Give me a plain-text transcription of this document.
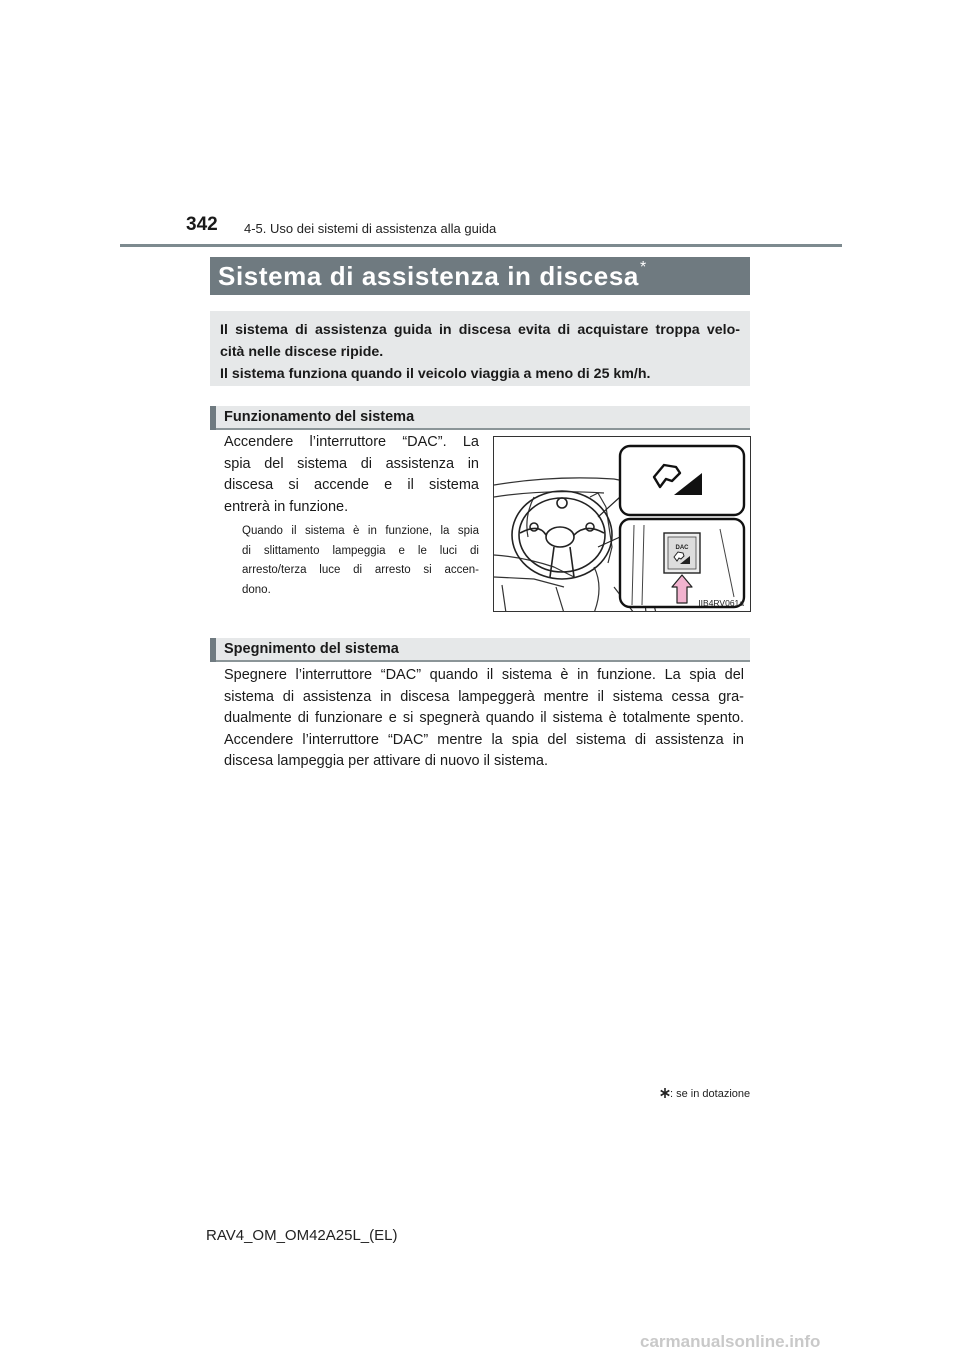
342 4-5. Uso dei sistemi di assistenza alla guida
Sistema di assistenza in discesa*
Il sistema di assistenza guida in discesa evita di acquistare troppa velo-
cità nelle discese ripide.
Il sistema funziona quando il veicolo viaggia a meno di 25 km/h.
Funzionamento del sistema
Accendere l’interruttore “DAC”. La
spia del sistema di assistenza in
discesa si accende e il sistema
entrerà in funzione.
Quando il sistema è in funzione, la spia
di slittamento lampeggia e le luci di
arresto/terza luce di arresto si accen-
dono.
DAC
IIB4RV061a
Spegnimento del sistema
Spegnere l’interruttore “DAC” quando il sistema è in funzione. La spia del
sistema di assistenza in discesa lampeggerà mentre il sistema cessa gra-
dualmente di funzionare e si spegnerà quando il sistema è totalmente spento.
Accendere l’interruttore “DAC” mentre la spia del sistema di assistenza in
discesa lampeggia per attivare di nuovo il sistema.
: se in dotazione
RAV4_OM_OM42A25L_(EL)
carmanualsonline.info
